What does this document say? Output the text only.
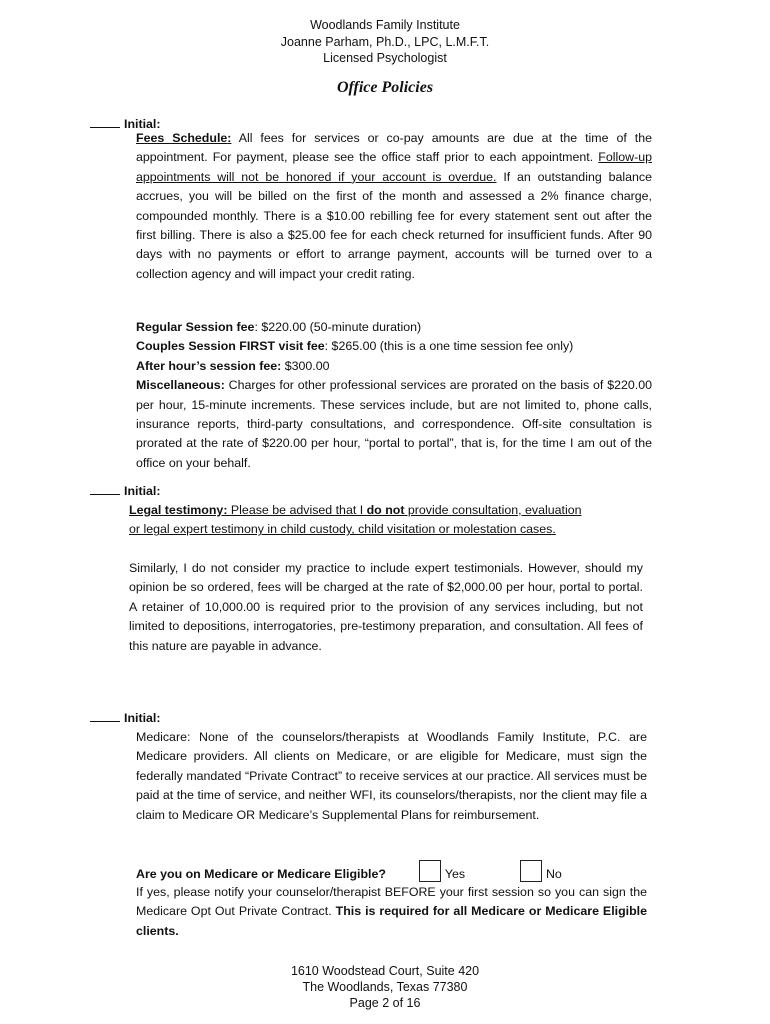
Woodlands Family Institute
Joanne Parham, Ph.D., LPC, L.M.F.T.
Licensed Psychologist
Office Policies
Initial:

Fees Schedule: All fees for services or co-pay amounts are due at the time of the appointment. For payment, please see the office staff prior to each appointment. Follow-up appointments will not be honored if your account is overdue. If an outstanding balance accrues, you will be billed on the first of the month and assessed a 2% finance charge, compounded monthly. There is a $10.00 rebilling fee for every statement sent out after the first billing. There is also a $25.00 fee for each check returned for insufficient funds. After 90 days with no payments or effort to arrange payment, accounts will be turned over to a collection agency and will impact your credit rating.

Regular Session fee: $220.00 (50-minute duration)
Couples Session FIRST visit fee: $265.00 (this is a one time session fee only)
After hour’s session fee: $300.00

Miscellaneous: Charges for other professional services are prorated on the basis of $220.00 per hour, 15-minute increments. These services include, but are not limited to, phone calls, insurance reports, third-party consultations, and correspondence. Off-site consultation is prorated at the rate of $220.00 per hour, “portal to portal”, that is, for the time I am out of the office on your behalf.

Initial:
Legal testimony: Please be advised that I do not provide consultation, evaluation
or legal expert testimony in child custody, child visitation or molestation cases.

Similarly, I do not consider my practice to include expert testimonials. However, should my opinion be so ordered, fees will be charged at the rate of $2,000.00 per hour, portal to portal. A retainer of 10,000.00 is required prior to the provision of any services including, but not limited to depositions, interrogatories, pre-testimony preparation, and consultation. All fees of this nature are payable in advance.

Initial:

Medicare: None of the counselors/therapists at Woodlands Family Institute, P.C. are Medicare providers. All clients on Medicare, or are eligible for Medicare, must sign the federally mandated “Private Contract” to receive services at our practice. All services must be paid at the time of service, and neither WFI, its counselors/therapists, nor the client may file a claim to Medicare OR Medicare’s Supplemental Plans for reimbursement.

Are you on Medicare or Medicare Eligible?	Yes	No

If yes, please notify your counselor/therapist BEFORE your first session so you can sign the Medicare Opt Out Private Contract. This is required for all Medicare or Medicare Eligible clients.

1610 Woodstead Court, Suite 420
The Woodlands, Texas 77380
Page 2 of 16
